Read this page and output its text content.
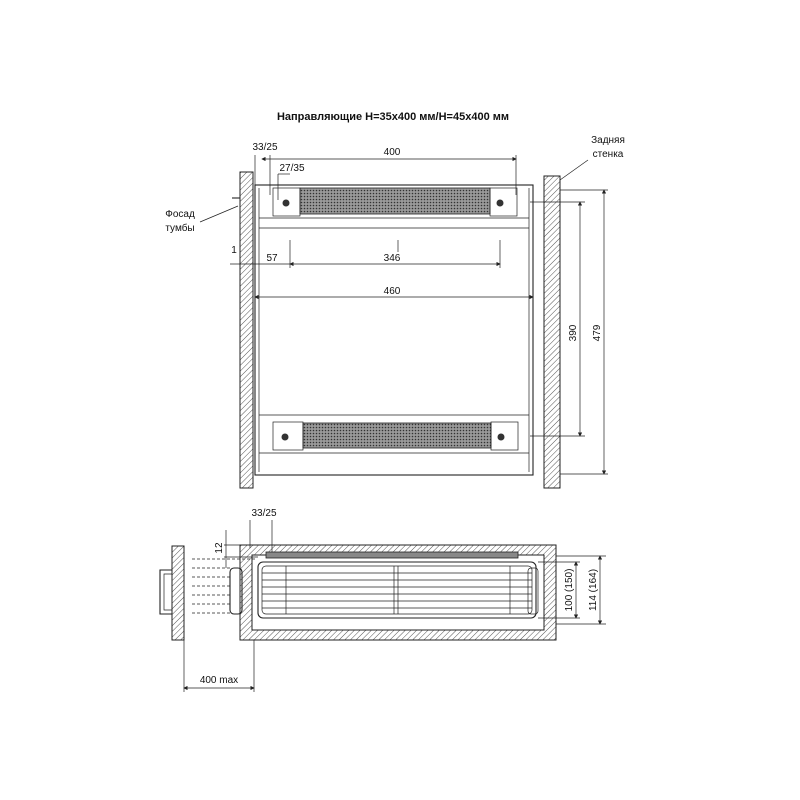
Направляющие H=35x400 мм/H=45x400 мм
33/25	400
27/35
Фосад
тумбы
Задняя
стенка
1
57	346
460
390 479
33/25
12
100 (150) 114 (164)
400 max
